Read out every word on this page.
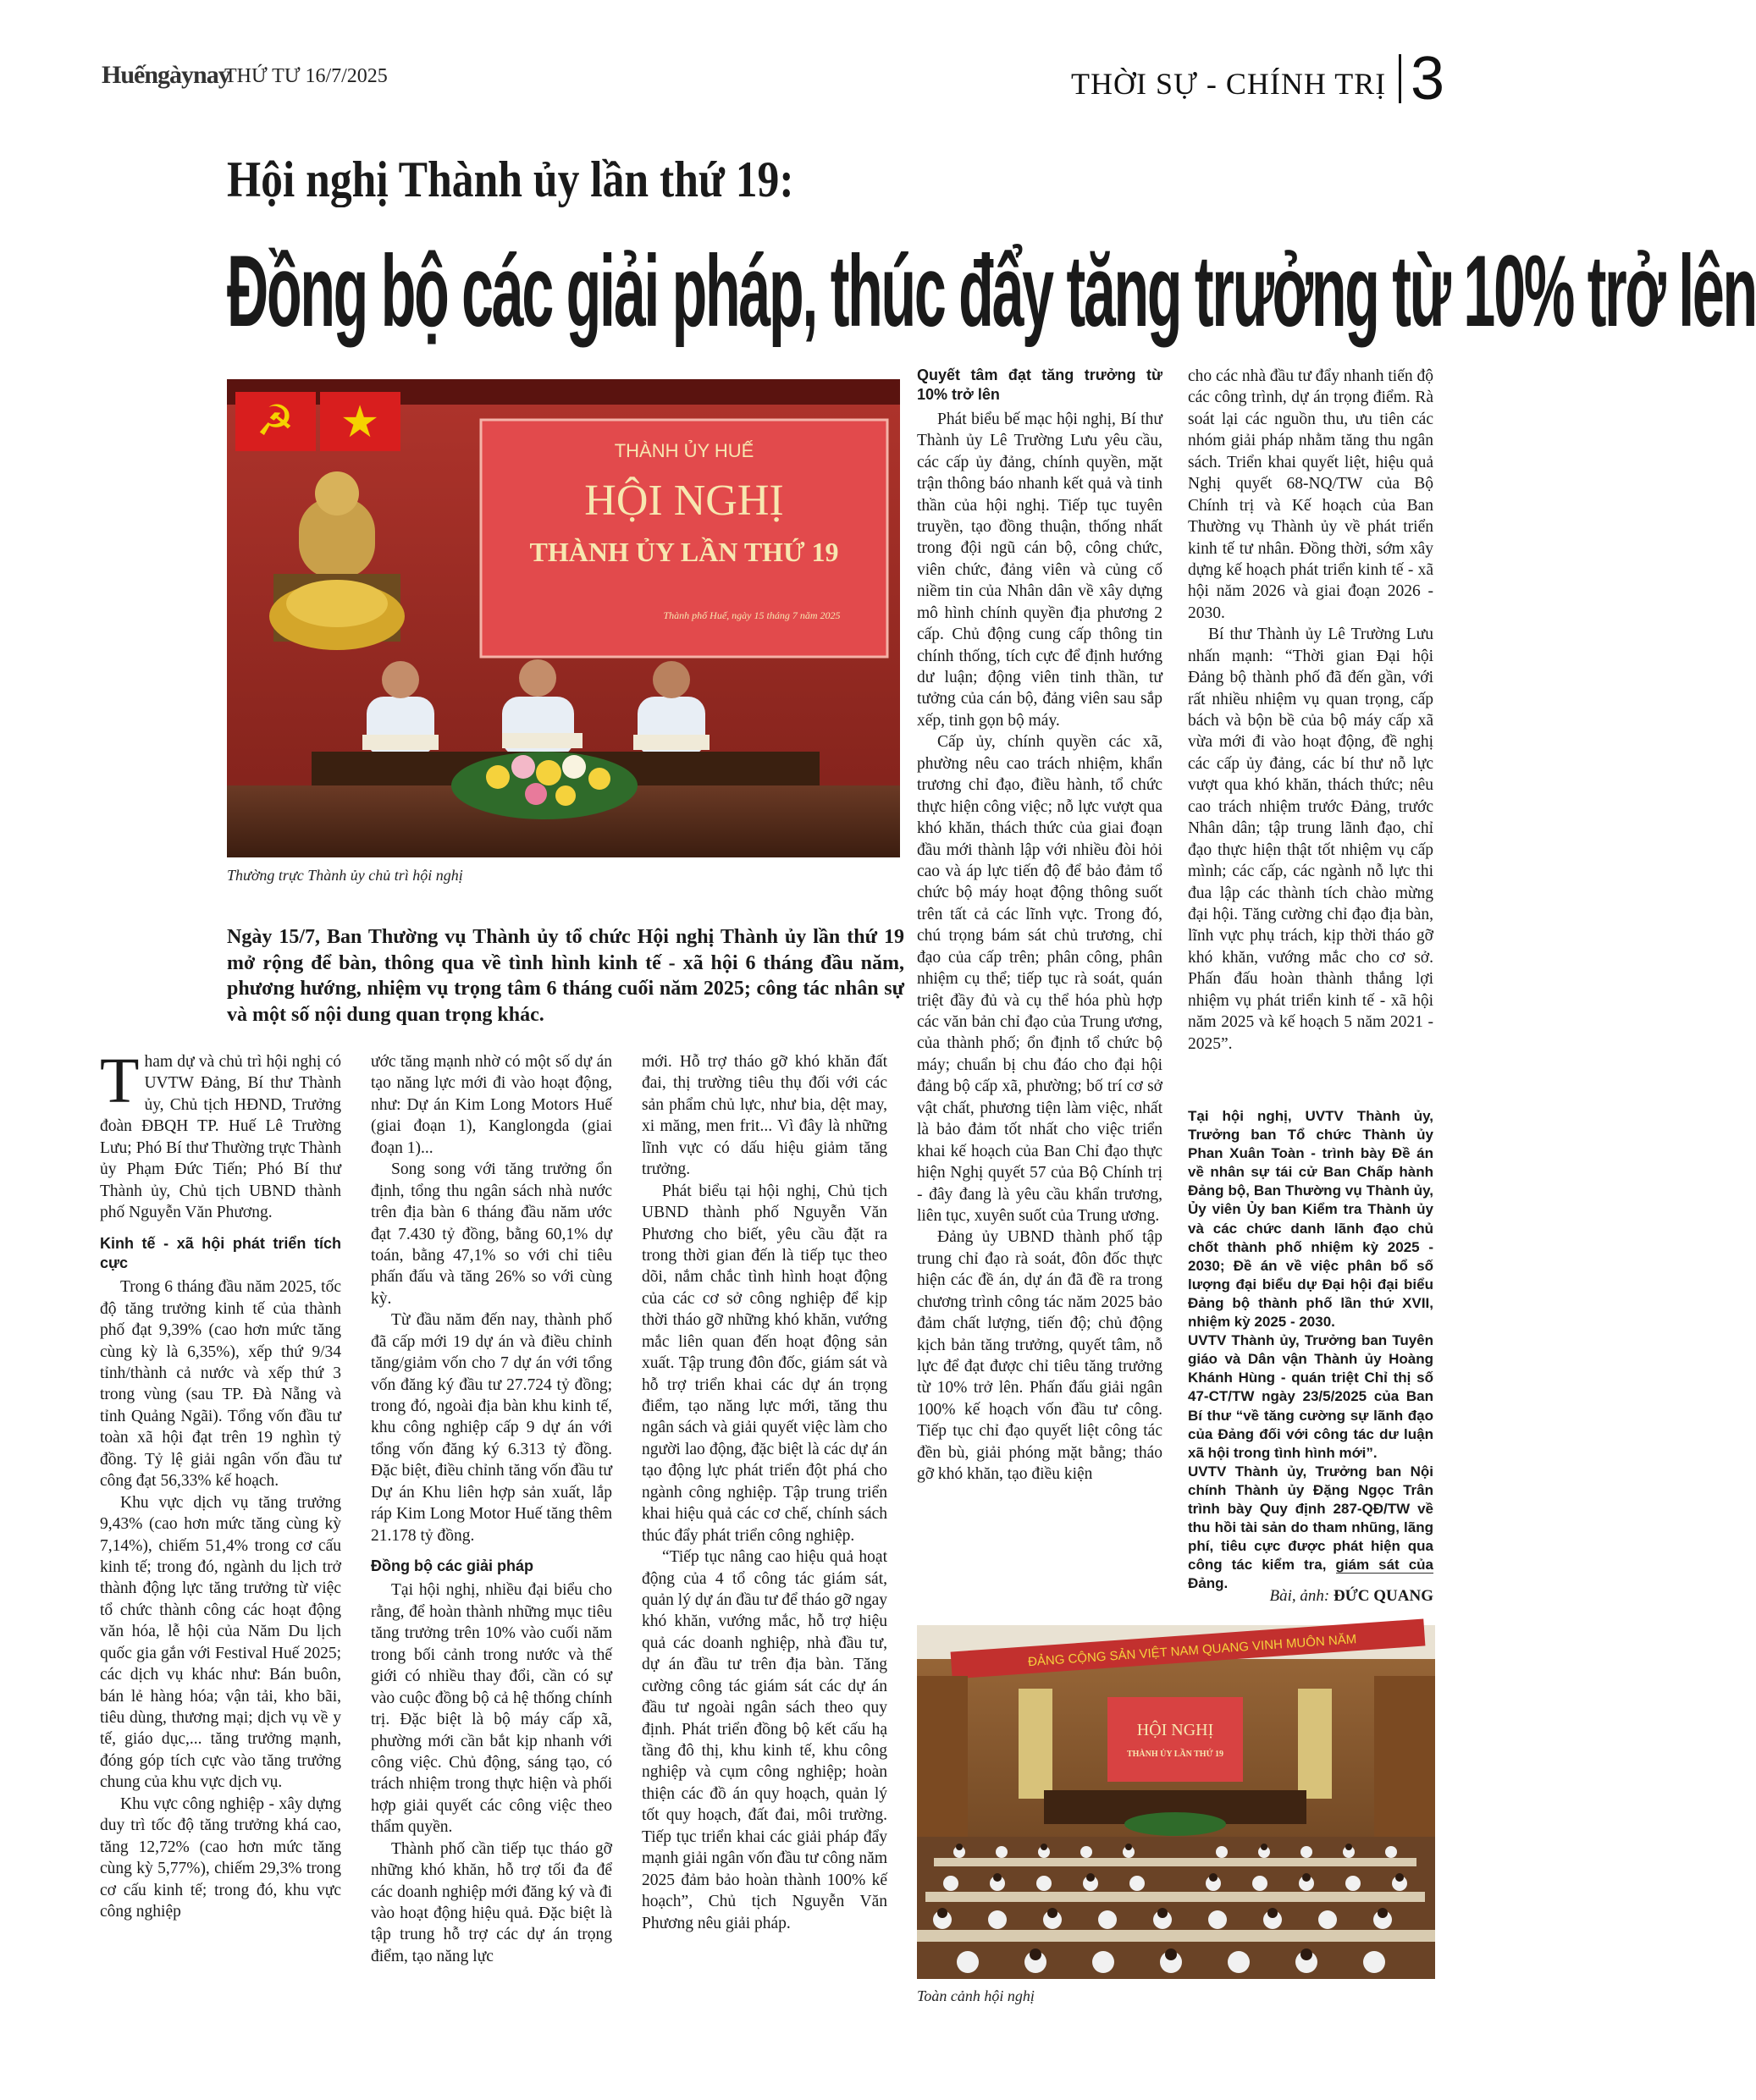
Huếngàynay
THỨ TƯ 16/7/2025	THỜI SỰ - CHÍNH TRỊ 3
Hội nghị Thành ủy lần thứ 19:
Đồng bộ các giải pháp, thúc đẩy tăng trưởng từ 10% trở lên
☭ ★
THÀNH ỦY HUẾ
HỘI NGHỊ
THÀNH ỦY LẦN THỨ 19
Thành phố Huế, ngày 15 tháng 7 năm 2025
Thường trực Thành ủy chủ trì hội nghị
Ngày 15/7, Ban Thường vụ Thành ủy tổ chức Hội nghị Thành ủy lần thứ 19 mở rộng để bàn, thông qua về tình hình kinh tế - xã hội 6 tháng đầu năm, phương hướng, nhiệm vụ trọng tâm 6 tháng cuối năm 2025; công tác nhân sự và một số nội dung quan trọng khác.

Tham dự và chủ trì hội nghị có UVTW Đảng, Bí thư Thành ủy, Chủ tịch HĐND, Trưởng đoàn ĐBQH TP. Huế Lê Trường Lưu; Phó Bí thư Thường trực Thành ủy Phạm Đức Tiến; Phó Bí thư Thành ủy, Chủ tịch UBND thành phố Nguyễn Văn Phương.

Kinh tế - xã hội phát triển tích cực

Trong 6 tháng đầu năm 2025, tốc độ tăng trưởng kinh tế của thành phố đạt 9,39% (cao hơn mức tăng cùng kỳ là 6,35%), xếp thứ 9/34 tỉnh/thành cả nước và xếp thứ 3 trong vùng (sau TP. Đà Nẵng và tỉnh Quảng Ngãi). Tổng vốn đầu tư toàn xã hội đạt trên 19 nghìn tỷ đồng. Tỷ lệ giải ngân vốn đầu tư công đạt 56,33% kế hoạch.

Khu vực dịch vụ tăng trưởng 9,43% (cao hơn mức tăng cùng kỳ 7,14%), chiếm 51,4% trong cơ cấu kinh tế; trong đó, ngành du lịch trở thành động lực tăng trưởng từ việc tổ chức thành công các hoạt động văn hóa, lễ hội của Năm Du lịch quốc gia gắn với Festival Huế 2025; các dịch vụ khác như: Bán buôn, bán lẻ hàng hóa; vận tải, kho bãi, tiêu dùng, thương mại; dịch vụ về y tế, giáo dục,... tăng trưởng mạnh, đóng góp tích cực vào tăng trưởng chung của khu vực dịch vụ.

Khu vực công nghiệp - xây dựng duy trì tốc độ tăng trưởng khá cao, tăng 12,72% (cao hơn mức tăng cùng kỳ 5,77%), chiếm 29,3% trong cơ cấu kinh tế; trong đó, khu vực công nghiệp

ước tăng mạnh nhờ có một số dự án tạo năng lực mới đi vào hoạt động, như: Dự án Kim Long Motors Huế (giai đoạn 1), Kanglongda (giai đoạn 1)...

Song song với tăng trưởng ổn định, tổng thu ngân sách nhà nước trên địa bàn 6 tháng đầu năm ước đạt 7.430 tỷ đồng, bằng 60,1% dự toán, bằng 47,1% so với chỉ tiêu phấn đấu và tăng 26% so với cùng kỳ.

Từ đầu năm đến nay, thành phố đã cấp mới 19 dự án và điều chỉnh tăng/giảm vốn cho 7 dự án với tổng vốn đăng ký đầu tư 27.724 tỷ đồng; trong đó, ngoài địa bàn khu kinh tế, khu công nghiệp cấp 9 dự án với tổng vốn đăng ký 6.313 tỷ đồng. Đặc biệt, điều chỉnh tăng vốn đầu tư Dự án Khu liên hợp sản xuất, lắp ráp Kim Long Motor Huế tăng thêm 21.178 tỷ đồng.

Đồng bộ các giải pháp

Tại hội nghị, nhiều đại biểu cho rằng, để hoàn thành những mục tiêu tăng trưởng trên 10% vào cuối năm trong bối cảnh trong nước và thế giới có nhiều thay đổi, cần có sự vào cuộc đồng bộ cả hệ thống chính trị. Đặc biệt là bộ máy cấp xã, phường mới cần bắt kịp nhanh với công việc. Chủ động, sáng tạo, có trách nhiệm trong thực hiện và phối hợp giải quyết các công việc theo thẩm quyền.

Thành phố cần tiếp tục tháo gỡ những khó khăn, hỗ trợ tối đa để các doanh nghiệp mới đăng ký và đi vào hoạt động hiệu quả. Đặc biệt là tập trung hỗ trợ các dự án trọng điểm, tạo năng lực

mới. Hỗ trợ tháo gỡ khó khăn đất đai, thị trường tiêu thụ đối với các sản phẩm chủ lực, như bia, dệt may, xi măng, men frit... Vì đây là những lĩnh vực có dấu hiệu giảm tăng trưởng.

Phát biểu tại hội nghị, Chủ tịch UBND thành phố Nguyễn Văn Phương cho biết, yêu cầu đặt ra trong thời gian đến là tiếp tục theo dõi, nắm chắc tình hình hoạt động của các cơ sở công nghiệp để kịp thời tháo gỡ những khó khăn, vướng mắc liên quan đến hoạt động sản xuất. Tập trung đôn đốc, giám sát và hỗ trợ triển khai các dự án trọng điểm, tạo năng lực mới, tăng thu ngân sách và giải quyết việc làm cho người lao động, đặc biệt là các dự án tạo động lực phát triển đột phá cho ngành công nghiệp. Tập trung triển khai hiệu quả các cơ chế, chính sách thúc đẩy phát triển công nghiệp.

“Tiếp tục nâng cao hiệu quả hoạt động của 4 tổ công tác giám sát, quản lý dự án đầu tư để tháo gỡ ngay khó khăn, vướng mắc, hỗ trợ hiệu quả các doanh nghiệp, nhà đầu tư, dự án đầu tư trên địa bàn. Tăng cường công tác giám sát các dự án đầu tư ngoài ngân sách theo quy định. Phát triển đồng bộ kết cấu hạ tầng đô thị, khu kinh tế, khu công nghiệp và cụm công nghiệp; hoàn thiện các đồ án quy hoạch, quản lý tốt quy hoạch, đất đai, môi trường. Tiếp tục triển khai các giải pháp đẩy mạnh giải ngân vốn đầu tư công năm 2025 đảm bảo hoàn thành 100% kế hoạch”, Chủ tịch Nguyễn Văn Phương nêu giải pháp.

Quyết tâm đạt tăng trưởng từ 10% trở lên

Phát biểu bế mạc hội nghị, Bí thư Thành ủy Lê Trường Lưu yêu cầu, các cấp ủy đảng, chính quyền, mặt trận thông báo nhanh kết quả và tinh thần của hội nghị. Tiếp tục tuyên truyền, tạo đồng thuận, thống nhất trong đội ngũ cán bộ, công chức, viên chức, đảng viên và củng cố niềm tin của Nhân dân về xây dựng mô hình chính quyền địa phương 2 cấp. Chủ động cung cấp thông tin chính thống, tích cực để định hướng dư luận; động viên tinh thần, tư tưởng của cán bộ, đảng viên sau sắp xếp, tinh gọn bộ máy.

Cấp ủy, chính quyền các xã, phường nêu cao trách nhiệm, khẩn trương chỉ đạo, điều hành, tổ chức thực hiện công việc; nỗ lực vượt qua khó khăn, thách thức của giai đoạn đầu mới thành lập với nhiều đòi hỏi cao và áp lực tiến độ để bảo đảm tổ chức bộ máy hoạt động thông suốt trên tất cả các lĩnh vực. Trong đó, chú trọng bám sát chủ trương, chỉ đạo của cấp trên; phân công, phân nhiệm cụ thể; tiếp tục rà soát, quán triệt đầy đủ và cụ thể hóa phù hợp các văn bản chỉ đạo của Trung ương, của thành phố; ổn định tổ chức bộ máy; chuẩn bị chu đáo cho đại hội đảng bộ cấp xã, phường; bố trí cơ sở vật chất, phương tiện làm việc, nhất là bảo đảm tốt nhất cho việc triển khai kế hoạch của Ban Chỉ đạo thực hiện Nghị quyết 57 của Bộ Chính trị - đây đang là yêu cầu khẩn trương, liên tục, xuyên suốt của Trung ương.

Đảng ủy UBND thành phố tập trung chỉ đạo rà soát, đôn đốc thực hiện các đề án, dự án đã đề ra trong chương trình công tác năm 2025 bảo đảm chất lượng, tiến độ; chủ động kịch bản tăng trưởng, quyết tâm, nỗ lực để đạt được chỉ tiêu tăng trưởng từ 10% trở lên. Phấn đấu giải ngân 100% kế hoạch vốn đầu tư công. Tiếp tục chỉ đạo quyết liệt công tác đền bù, giải phóng mặt bằng; tháo gỡ khó khăn, tạo điều kiện

cho các nhà đầu tư đẩy nhanh tiến độ các công trình, dự án trọng điểm. Rà soát lại các nguồn thu, ưu tiên các nhóm giải pháp nhằm tăng thu ngân sách. Triển khai quyết liệt, hiệu quả Nghị quyết 68-NQ/TW của Bộ Chính trị và Kế hoạch của Ban Thường vụ Thành ủy về phát triển kinh tế tư nhân. Đồng thời, sớm xây dựng kế hoạch phát triển kinh tế - xã hội năm 2026 và giai đoạn 2026 - 2030.

Bí thư Thành ủy Lê Trường Lưu nhấn mạnh: “Thời gian Đại hội Đảng bộ thành phố đã đến gần, với rất nhiều nhiệm vụ quan trọng, cấp bách và bộn bề của bộ máy cấp xã vừa mới đi vào hoạt động, đề nghị các cấp ủy đảng, các bí thư nỗ lực vượt qua khó khăn, thách thức; nêu cao trách nhiệm trước Đảng, trước Nhân dân; tập trung lãnh đạo, chỉ đạo thực hiện thật tốt nhiệm vụ cấp mình; các cấp, các ngành nỗ lực thi đua lập các thành tích chào mừng đại hội. Tăng cường chỉ đạo địa bàn, lĩnh vực phụ trách, kịp thời tháo gỡ khó khăn, vướng mắc cho cơ sở. Phấn đấu hoàn thành thắng lợi nhiệm vụ phát triển kinh tế - xã hội năm 2025 và kế hoạch 5 năm 2021 - 2025”.

Tại hội nghị, UVTV Thành ủy, Trưởng ban Tổ chức Thành ủy Phan Xuân Toàn - trình bày Đề án về nhân sự tái cử Ban Chấp hành Đảng bộ, Ban Thường vụ Thành ủy, Ủy viên Ủy ban Kiểm tra Thành ủy và các chức danh lãnh đạo chủ chốt thành phố nhiệm kỳ 2025 - 2030; Đề án về việc phân bổ số lượng đại biểu dự Đại hội đại biểu Đảng bộ thành phố lần thứ XVII, nhiệm kỳ 2025 - 2030.

UVTV Thành ủy, Trưởng ban Tuyên giáo và Dân vận Thành ủy Hoàng Khánh Hùng - quán triệt Chỉ thị số 47-CT/TW ngày 23/5/2025 của Ban Bí thư “về tăng cường sự lãnh đạo của Đảng đối với công tác dư luận xã hội trong tình hình mới”.

UVTV Thành ủy, Trưởng ban Nội chính Thành ủy Đặng Ngọc Trân trình bày Quy định 287-QĐ/TW về thu hồi tài sản do tham nhũng, lãng phí, tiêu cực được phát hiện qua công tác kiểm tra, giám sát của Đảng.

Bài, ảnh: ĐỨC QUANG
ĐẢNG CỘNG SẢN VIỆT NAM QUANG VINH MUÔN NĂM
HỘI NGHỊ
THÀNH ỦY LẦN THỨ 19
Toàn cảnh hội nghị
